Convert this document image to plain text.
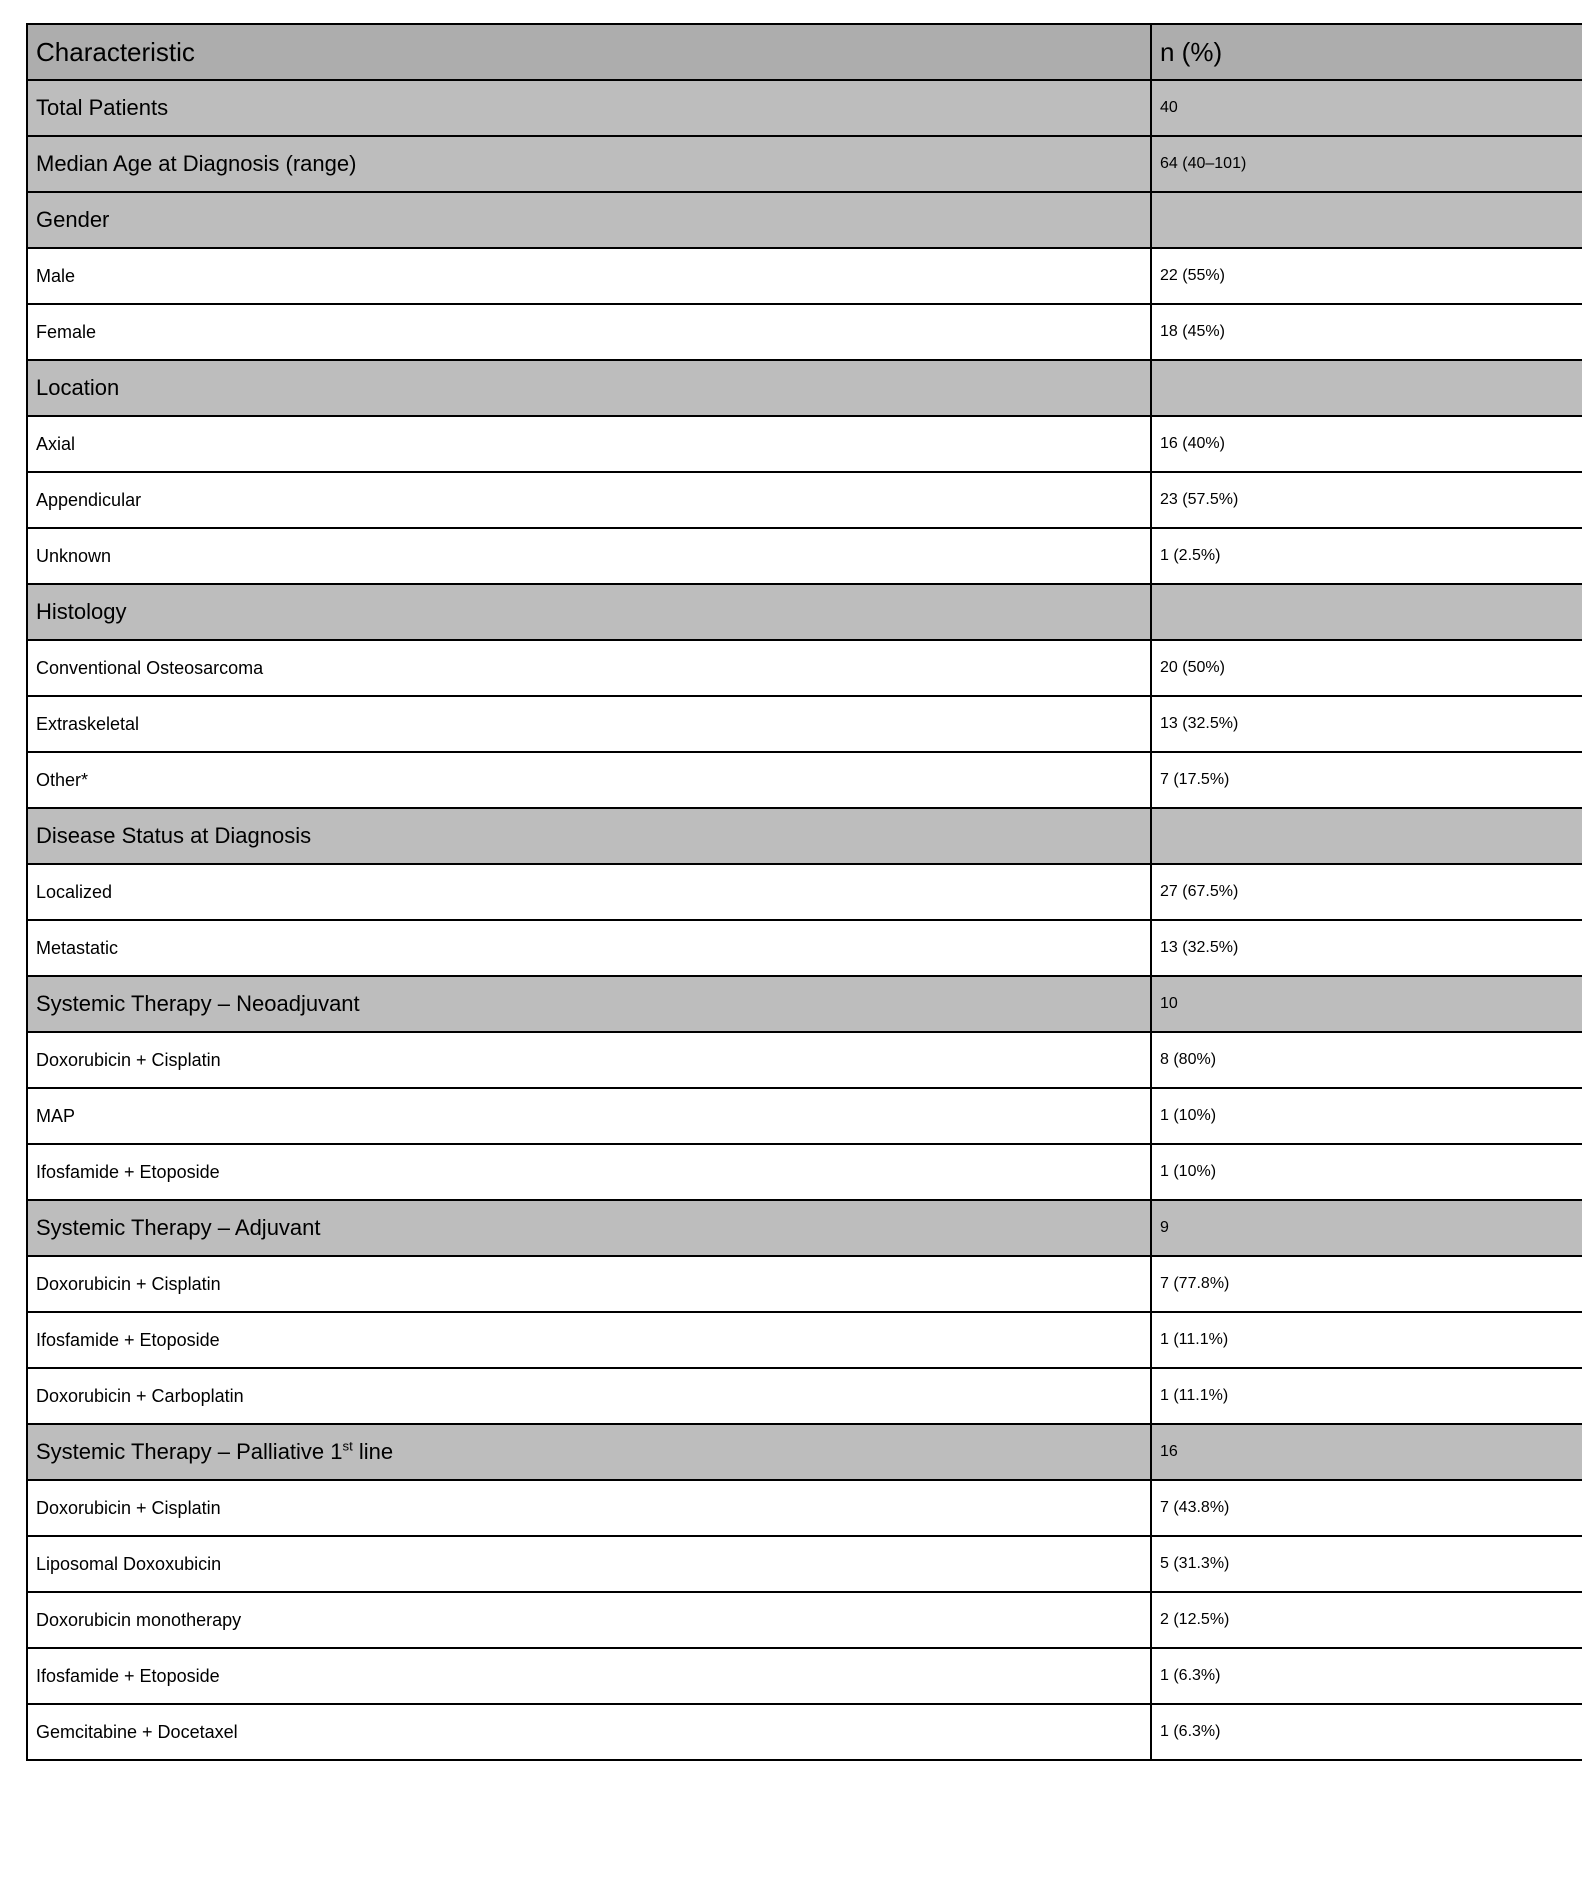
Characteristic	n (%)
Total Patients	40
Median Age at Diagnosis (range)	64 (40–101)
Gender	
Male	22 (55%)
Female	18 (45%)
Location	
Axial	16 (40%)
Appendicular	23 (57.5%)
Unknown	1 (2.5%)
Histology	
Conventional Osteosarcoma	20 (50%)
Extraskeletal	13 (32.5%)
Other*	7 (17.5%)
Disease Status at Diagnosis	
Localized	27 (67.5%)
Metastatic	13 (32.5%)
Systemic Therapy – Neoadjuvant	10
Doxorubicin + Cisplatin	8 (80%)
MAP	1 (10%)
Ifosfamide + Etoposide	1 (10%)
Systemic Therapy – Adjuvant	9
Doxorubicin + Cisplatin	7 (77.8%)
Ifosfamide + Etoposide	1 (11.1%)
Doxorubicin + Carboplatin	1 (11.1%)
Systemic Therapy – Palliative 1st line	16
Doxorubicin + Cisplatin	7 (43.8%)
Liposomal Doxoxubicin	5 (31.3%)
Doxorubicin monotherapy	2 (12.5%)
Ifosfamide + Etoposide	1 (6.3%)
Gemcitabine + Docetaxel	1 (6.3%)
